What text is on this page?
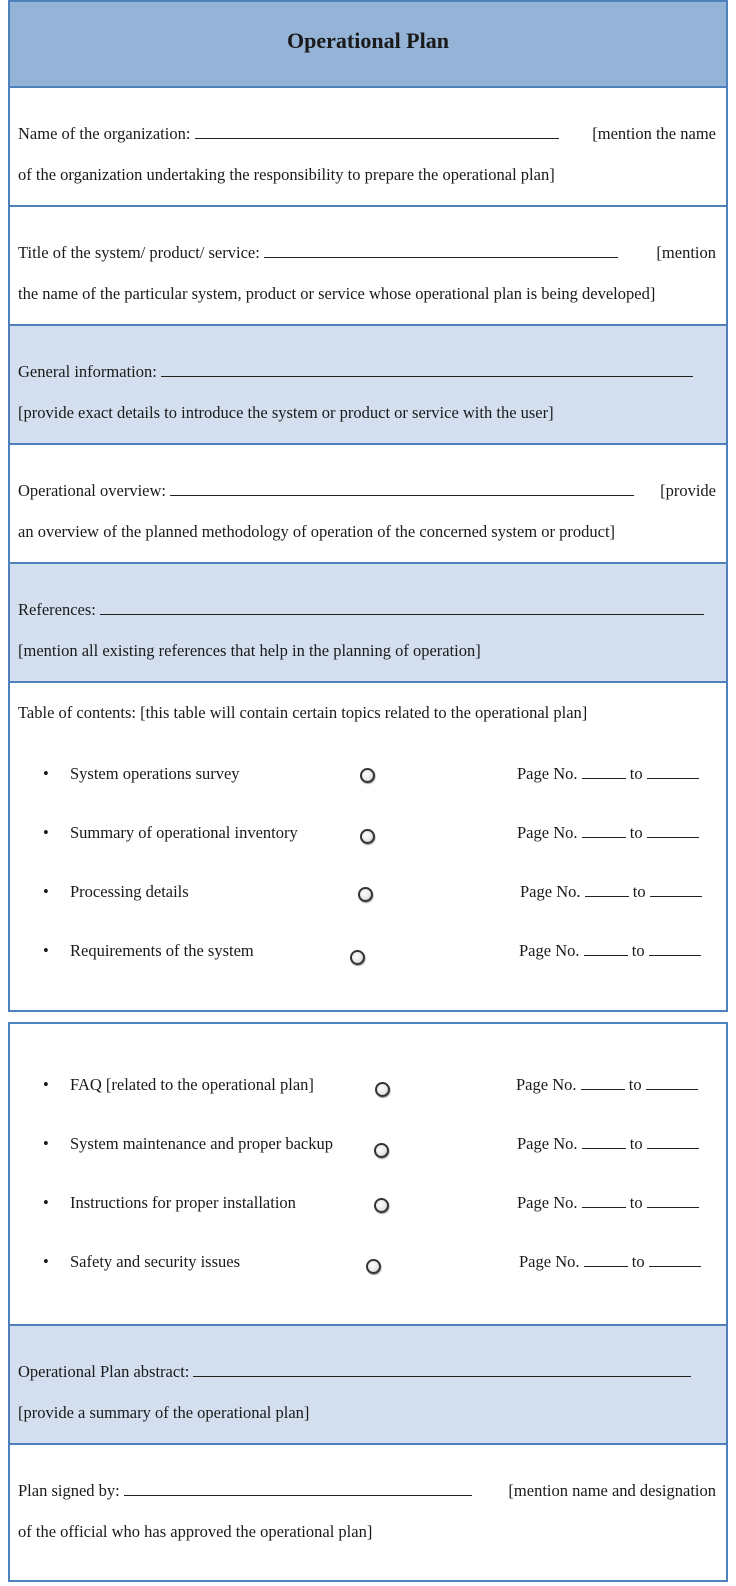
Operational Plan
Name of the organization:	[mention the name
of the organization undertaking the responsibility to prepare the operational plan]
Title of the system/ product/ service:	[mention
the name of the particular system, product or service whose operational plan is being developed]
General information:
[provide exact details to introduce the system or product or service with the user]
Operational overview:	[provide
an overview of the planned methodology of operation of the concerned system or product]
References:
[mention all existing references that help in the planning of operation]
Table of contents: [this table will contain certain topics related to the operational plan]
• System operations survey	Page No.	to
• Summary of operational inventory	Page No.	to
• Processing details	Page No.	to
• Requirements of the system	Page No.	to
• FAQ [related to the operational plan]	Page No.	to
• System maintenance and proper backup	Page No.	to
• Instructions for proper installation	Page No.	to
• Safety and security issues	Page No.	to
Operational Plan abstract:
[provide a summary of the operational plan]
Plan signed by:	[mention name and designation
of the official who has approved the operational plan]
